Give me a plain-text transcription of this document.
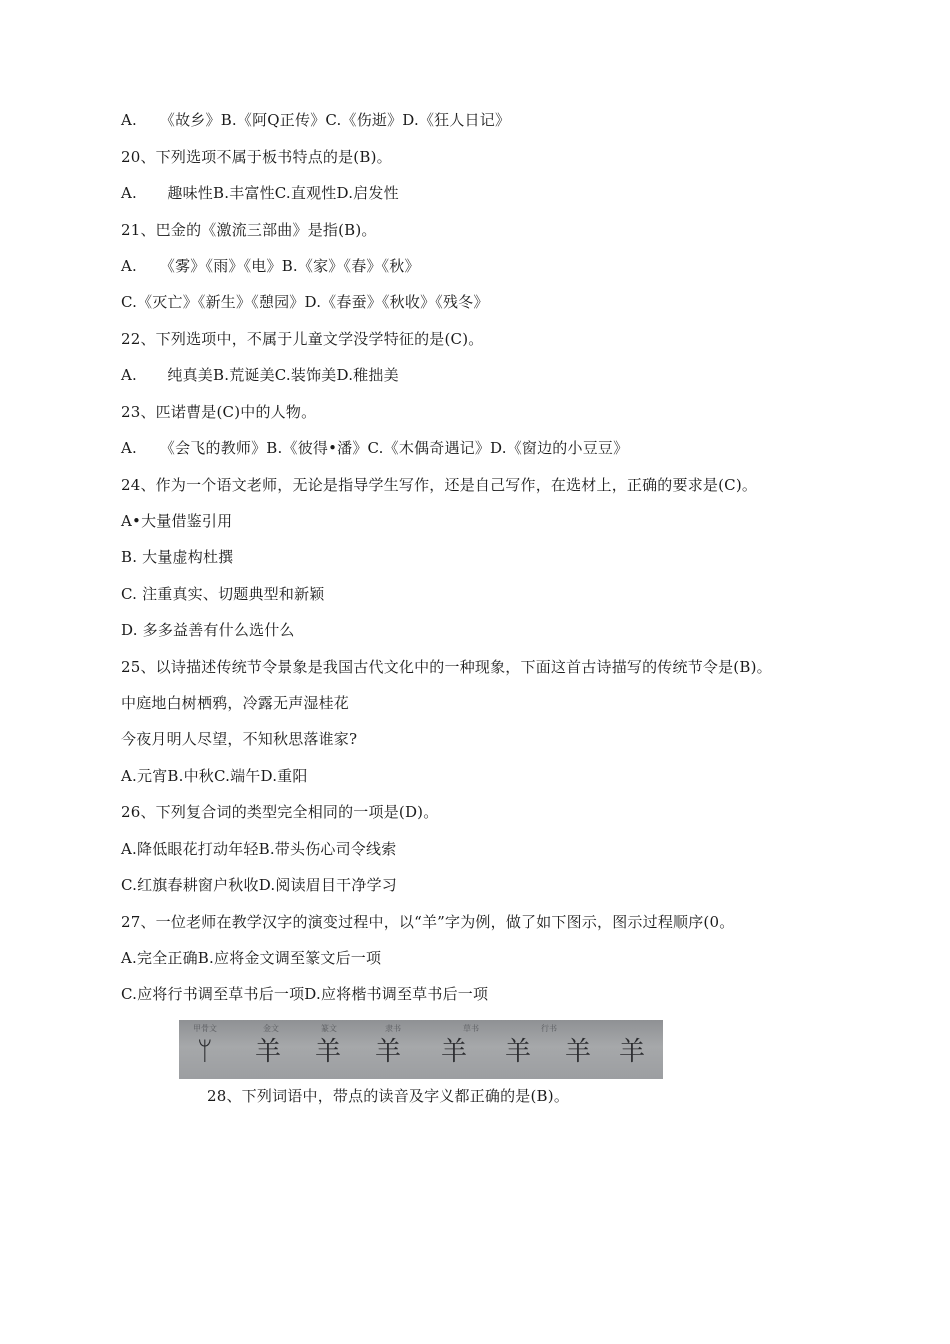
A.　　《故乡》B.《阿Q正传》C.《伤逝》D.《狂人日记》
20、下列选项不属于板书特点的是(B)。
A.　　趣味性B.丰富性C.直观性D.启发性
21、巴金的《激流三部曲》是指(B)。
A.　　《雾》《雨》《电》B.《家》《春》《秋》
C.《灭亡》《新生》《憩园》D.《春蚕》《秋收》《残冬》
22、下列选项中，不属于儿童文学没学特征的是(C)。
A.　　纯真美B.荒诞美C.装饰美D.稚拙美
23、匹诺曹是(C)中的人物。
A.　　《会飞的教师》B.《彼得•潘》C.《木偶奇遇记》D.《窗边的小豆豆》
24、作为一个语文老师，无论是指导学生写作，还是自己写作，在选材上，正确的要求是(C)。
A•大量借鉴引用
B. 大量虚构杜撰
C. 注重真实、切题典型和新颖
D. 多多益善有什么选什么
25、以诗描述传统节令景象是我国古代文化中的一种现象，下面这首古诗描写的传统节令是(B)。
中庭地白树栖鸦，冷露无声湿桂花
今夜月明人尽望，不知秋思落谁家?
A.元宵B.中秋C.端午D.重阳
26、下列复合词的类型完全相同的一项是(D)。
A.降低眼花打动年轻B.带头伤心司令线索
C.红旗春耕窗户秋收D.阅读眉目干净学习
27、一位老师在教学汉字的演变过程中，以“羊”字为例，做了如下图示，图示过程顺序(0。
A.完全正确B.应将金文调至篆文后一项
C.应将行书调至草书后一项D.应将楷书调至草书后一项
甲骨文	金文	篆文	隶书	草书	行书
ᛘ 羊 羊 羊 羊 羊 羊 羊
28、下列词语中，带点的读音及字义都正确的是(B)。
